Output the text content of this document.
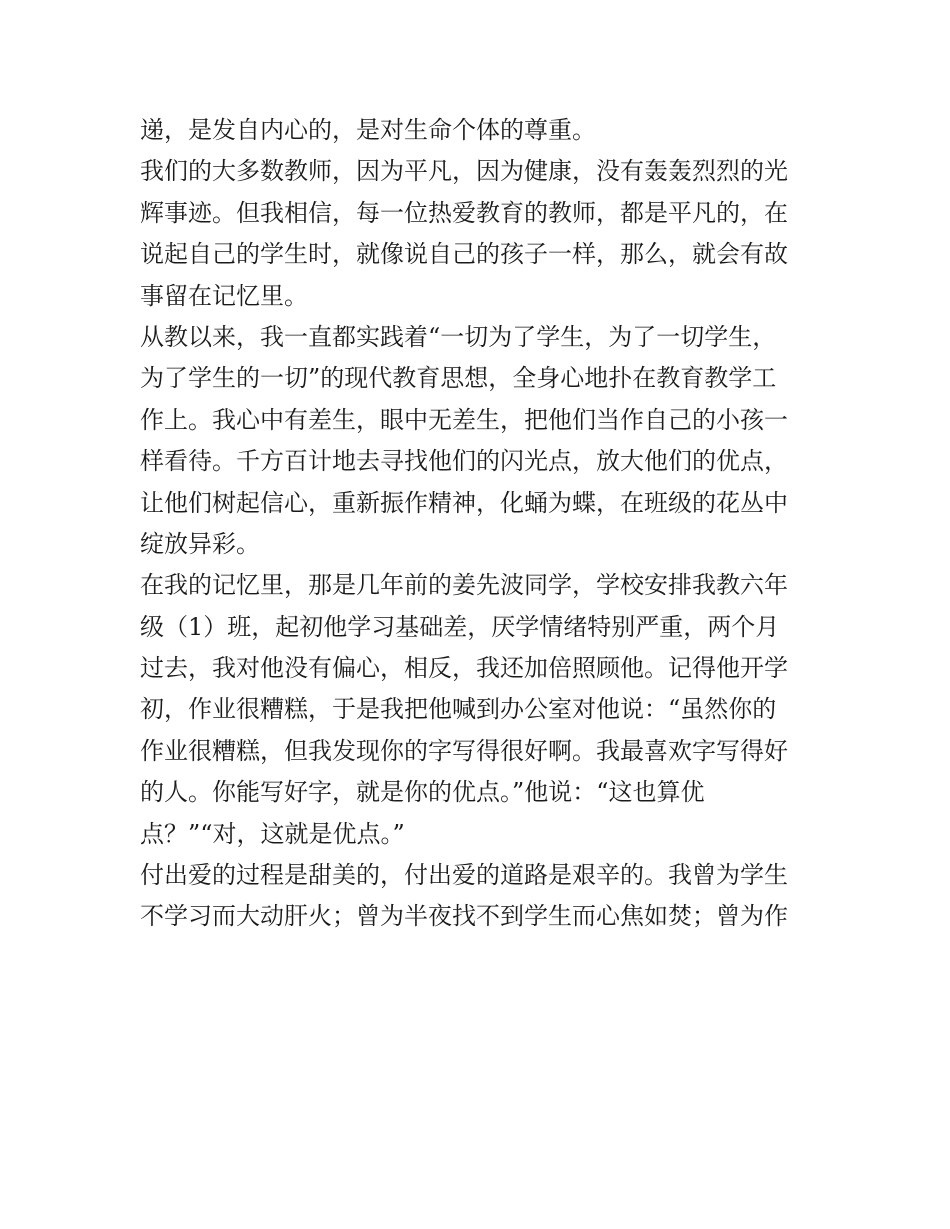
递，是发自内心的，是对生命个体的尊重。
我们的大多数教师，因为平凡，因为健康，没有轰轰烈烈的光
辉事迹。但我相信，每一位热爱教育的教师，都是平凡的，在
说起自己的学生时，就像说自己的孩子一样，那么，就会有故
事留在记忆里。
从教以来，我一直都实践着“一切为了学生，为了一切学生，
为了学生的一切”的现代教育思想，全身心地扑在教育教学工
作上。我心中有差生，眼中无差生，把他们当作自己的小孩一
样看待。千方百计地去寻找他们的闪光点，放大他们的优点，
让他们树起信心，重新振作精神，化蛹为蝶，在班级的花丛中
绽放异彩。
在我的记忆里，那是几年前的姜先波同学，学校安排我教六年
级（1）班，起初他学习基础差，厌学情绪特别严重，两个月
过去，我对他没有偏心，相反，我还加倍照顾他。记得他开学
初，作业很糟糕，于是我把他喊到办公室对他说：“虽然你的
作业很糟糕，但我发现你的字写得很好啊。我最喜欢字写得好
的人。你能写好字，就是你的优点。”他说：“这也算优
点？”“对，这就是优点。”
付出爱的过程是甜美的，付出爱的道路是艰辛的。我曾为学生
不学习而大动肝火；曾为半夜找不到学生而心焦如焚；曾为作
